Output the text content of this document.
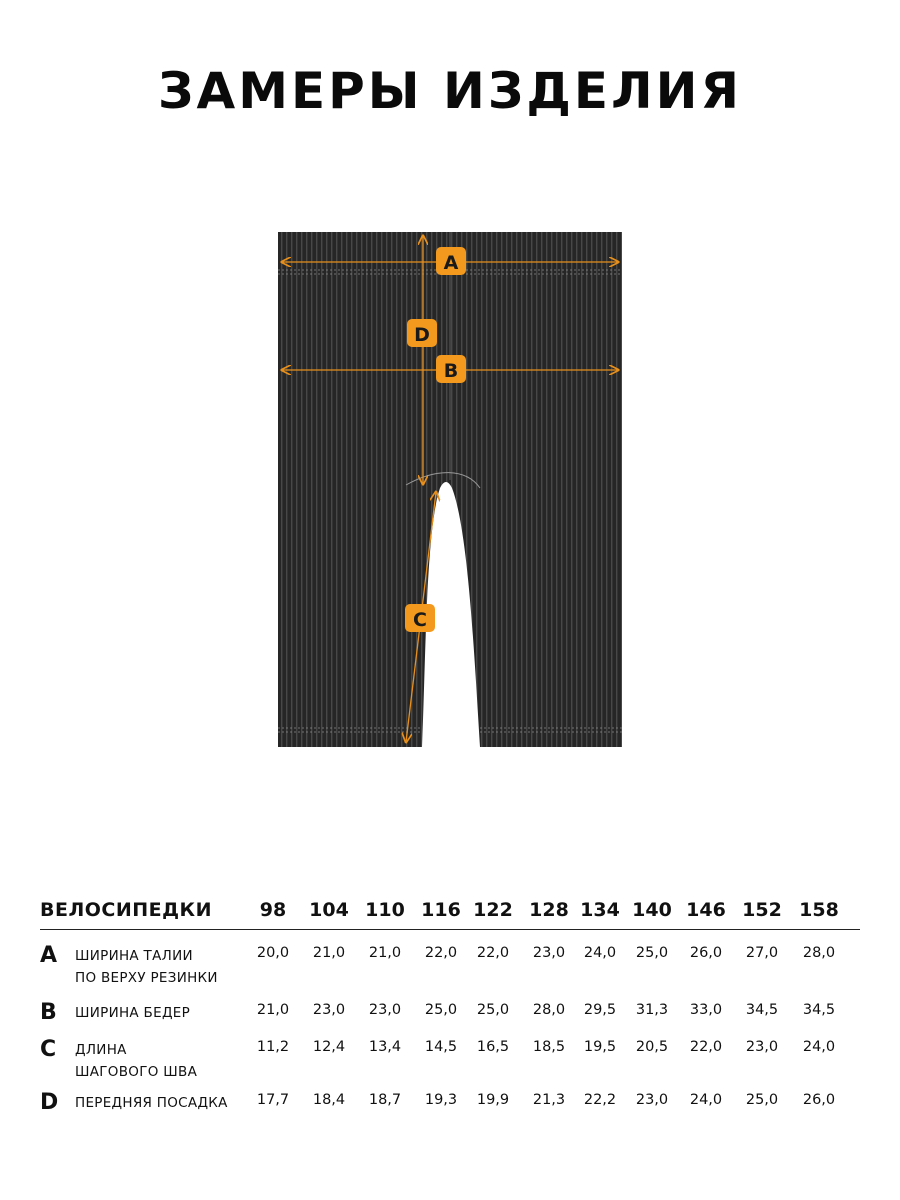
ЗАМЕРЫ ИЗДЕЛИЯ
A
D
B
C
ВЕЛОСИПЕДКИ	98	104 110 116 122 128 134 140 146 152 158
A ШИРИНА ТАЛИИ
ПО ВЕРХУ РЕЗИНКИ
20,0	21,0	21,0	22,0	22,0	23,0	24,0	25,0	26,0	27,0	28,0
B ШИРИНА БЕДЕР	21,0	23,0	23,0	25,0	25,0	28,0	29,5	31,3	33,0	34,5	34,5
C ДЛИНА
ШАГОВОГО ШВА
11,2	12,4	13,4	14,5	16,5	18,5	19,5	20,5	22,0	23,0	24,0
D ПЕРЕДНЯЯ ПОСАДКА	17,7	18,4	18,7	19,3	19,9	21,3	22,2	23,0	24,0	25,0	26,0
